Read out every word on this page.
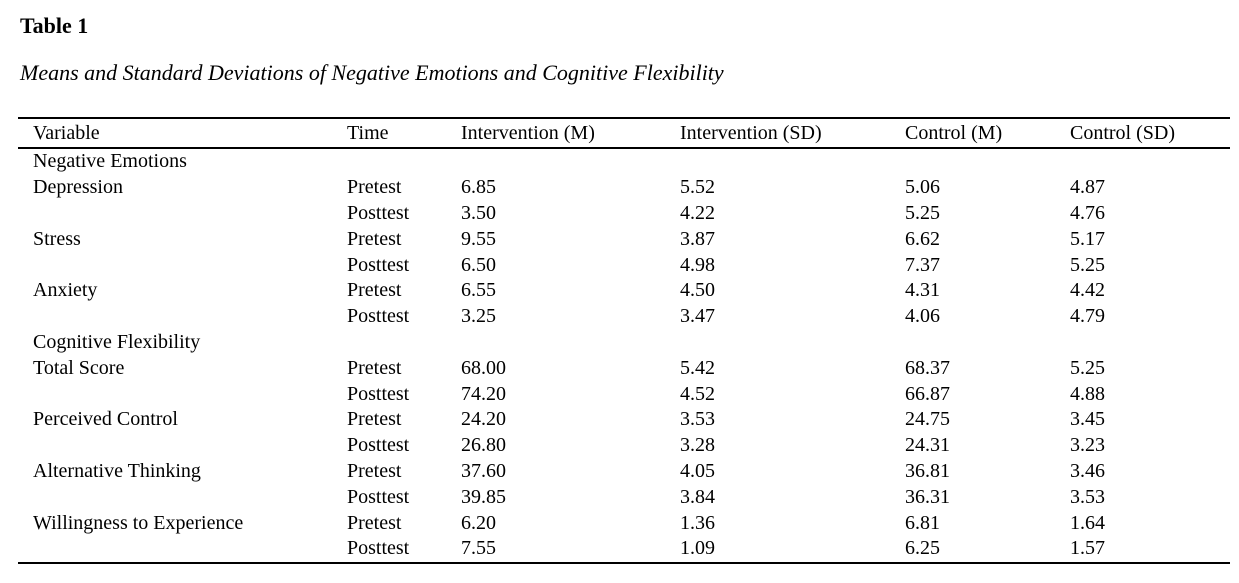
Table 1
Means and Standard Deviations of Negative Emotions and Cognitive Flexibility
Variable	Time	Intervention (M)	Intervention (SD)	Control (M)	Control (SD)
Negative Emotions					
Depression	Pretest	6.85	5.52	5.06	4.87
	Posttest	3.50	4.22	5.25	4.76
Stress	Pretest	9.55	3.87	6.62	5.17
	Posttest	6.50	4.98	7.37	5.25
Anxiety	Pretest	6.55	4.50	4.31	4.42
	Posttest	3.25	3.47	4.06	4.79
Cognitive Flexibility					
Total Score	Pretest	68.00	5.42	68.37	5.25
	Posttest	74.20	4.52	66.87	4.88
Perceived Control	Pretest	24.20	3.53	24.75	3.45
	Posttest	26.80	3.28	24.31	3.23
Alternative Thinking	Pretest	37.60	4.05	36.81	3.46
	Posttest	39.85	3.84	36.31	3.53
Willingness to Experience	Pretest	6.20	1.36	6.81	1.64
	Posttest	7.55	1.09	6.25	1.57
